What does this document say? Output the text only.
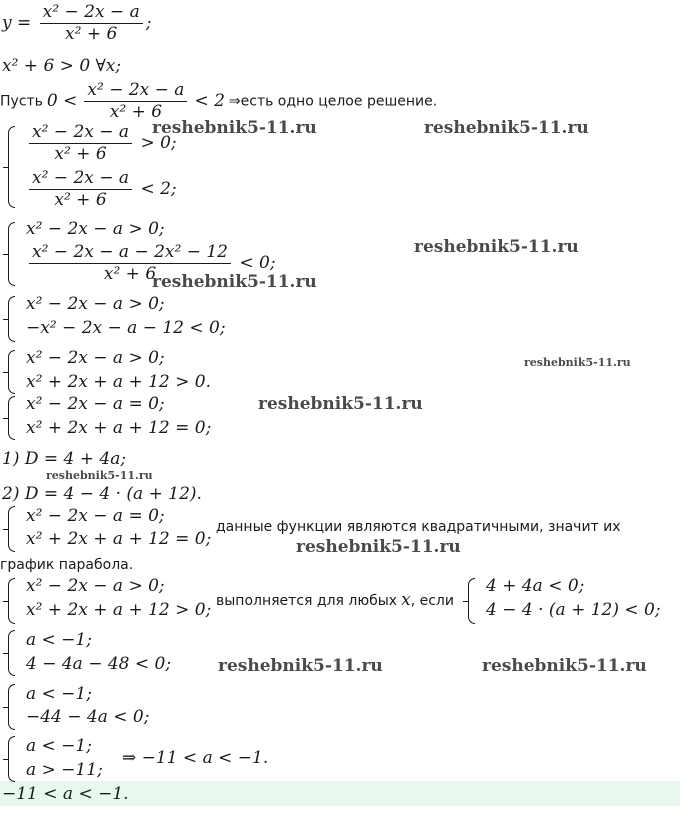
$y = \frac{\text{x² − 2x − a}}{\text{x² + 6}}$ ;
x² + 6 > 0 ∀x;
Пусть $0 < \frac{\text{x² − 2x − a}}{\text{x² + 6}} < 2$ ⇒есть одно целое решение.
$\frac{\text{x² − 2x − a}}{\text{x² + 6}} > 0$;
$\frac{\text{x² − 2x − a}}{\text{x² + 6}} < 2$;
x² − 2x − a > 0;
$\frac{\text{x² − 2x − a − 2x² − 12}}{\text{x² + 6}} < 0$;
x² − 2x − a > 0;
−x² − 2x − a − 12 < 0;
x² − 2x − a > 0;
x² + 2x + a + 12 > 0.
x² − 2x − a = 0;
x² + 2x + a + 12 = 0;
1) D = 4 + 4a;
2) D = 4 − 4 · (a + 12).
x² − 2x − a = 0;
x² + 2x + a + 12 = 0;
данные функции являются квадратичными, значит их
график парабола.
x² − 2x − a > 0;
x² + 2x + a + 12 > 0; выполняется для любых x, если
4 + 4a < 0;
4 − 4 · (a + 12) < 0;
a < −1;
4 − 4a − 48 < 0;
a < −1;
−44 − 4a < 0;
a < −1;
a > −11;
⇒ −11 < a < −1.
−11 < a < −1.
reshebnik5-11.ru	reshebnik5-11.ru
reshebnik5-11.ru
reshebnik5-11.ru
reshebnik5-11.ru
reshebnik5-11.ru
reshebnik5-11.ru
reshebnik5-11.ru
reshebnik5-11.ru	reshebnik5-11.ru
